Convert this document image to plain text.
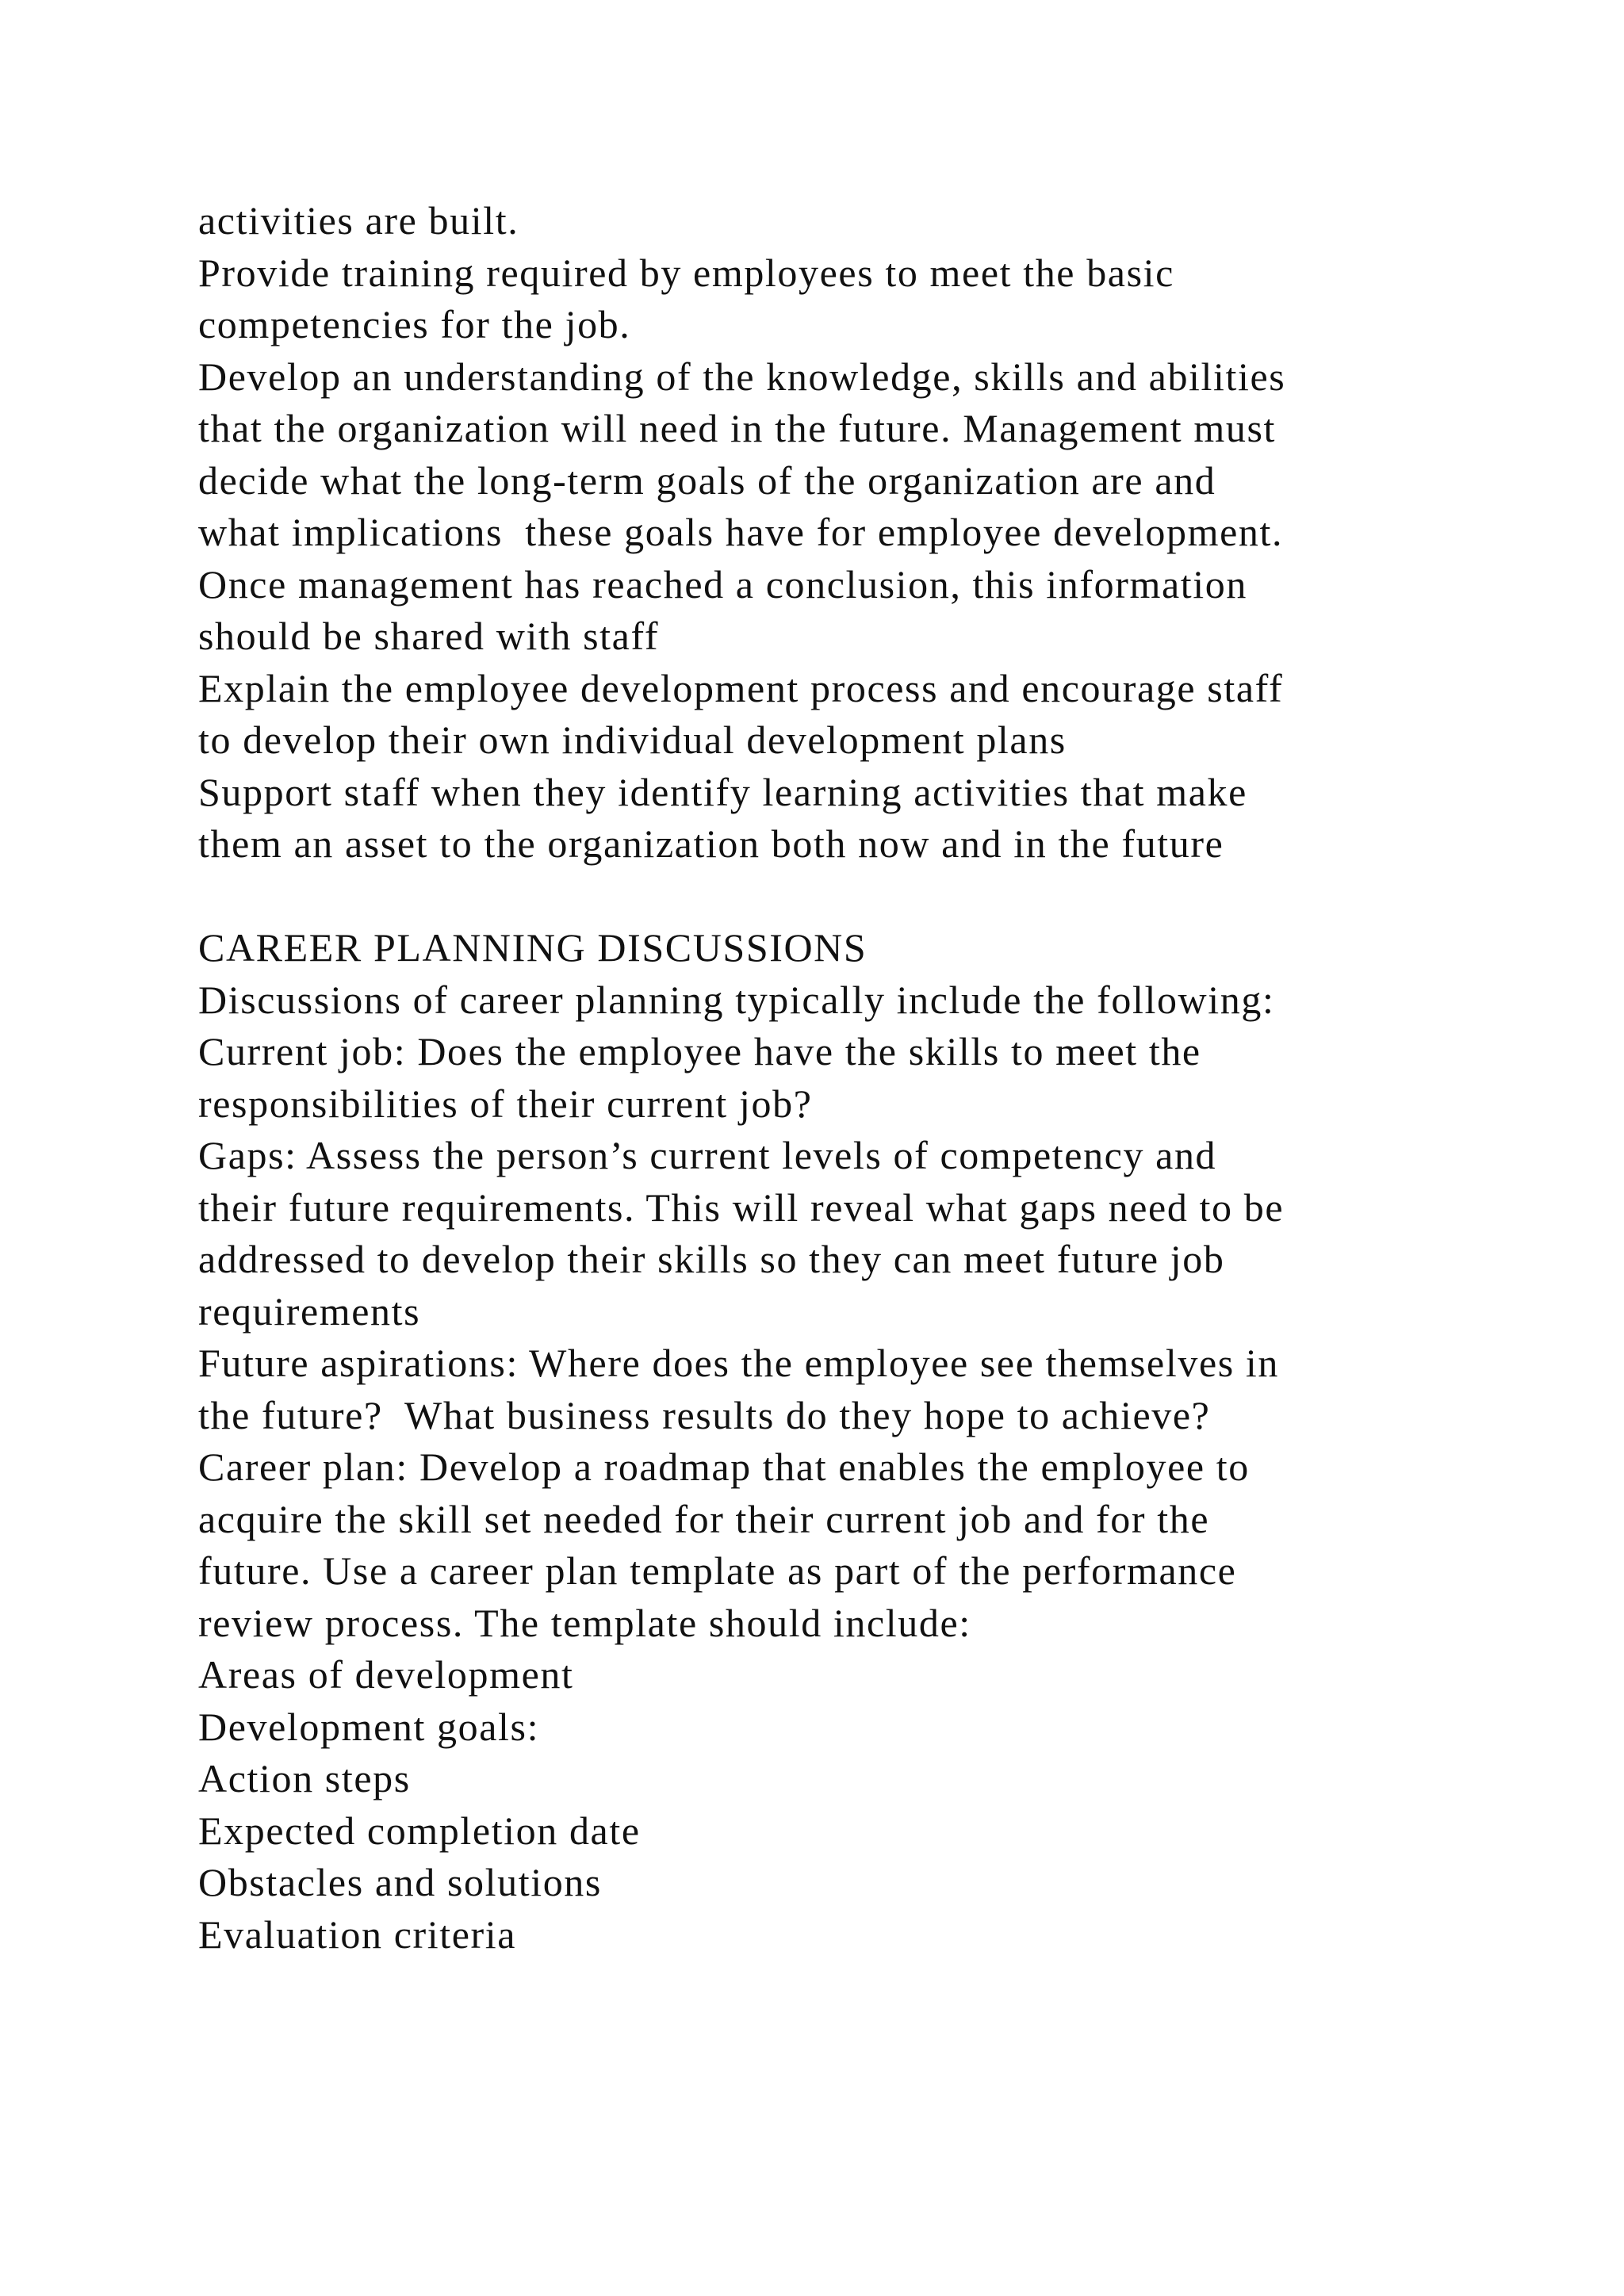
activities are built.
Provide training required by employees to meet the basic
competencies for the job.
Develop an understanding of the knowledge, skills and abilities
that the organization will need in the future. Management must
decide what the long-term goals of the organization are and
what implications  these goals have for employee development.
Once management has reached a conclusion, this information
should be shared with staff
Explain the employee development process and encourage staff
to develop their own individual development plans
Support staff when they identify learning activities that make
them an asset to the organization both now and in the future
CAREER PLANNING DISCUSSIONS
Discussions of career planning typically include the following:
Current job: Does the employee have the skills to meet the
responsibilities of their current job?
Gaps: Assess the person’s current levels of competency and
their future requirements. This will reveal what gaps need to be
addressed to develop their skills so they can meet future job
requirements
Future aspirations: Where does the employee see themselves in
the future?  What business results do they hope to achieve?
Career plan: Develop a roadmap that enables the employee to
acquire the skill set needed for their current job and for the
future. Use a career plan template as part of the performance
review process. The template should include:
Areas of development
Development goals:
Action steps
Expected completion date
Obstacles and solutions
Evaluation criteria
